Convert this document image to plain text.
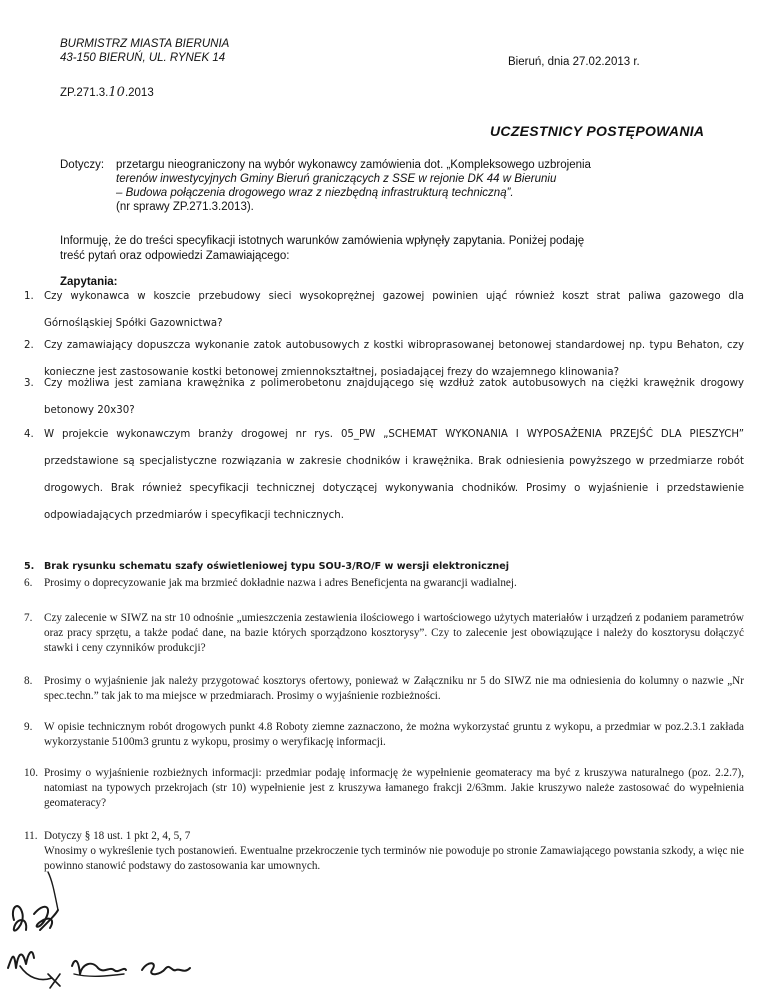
BURMISTRZ MIASTA BIERUNIA
43-150 BIERUŃ, UL. RYNEK 14	Bieruń, dnia 27.02.2013 r.
ZP.271.3.10.2013
UCZESTNICY POSTĘPOWANIA
Dotyczy: przetargu nieograniczony na wybór wykonawcy zamówienia dot. „Kompleksowego uzbrojenia
terenów inwestycyjnych Gminy Bieruń graniczących z SSE w rejonie DK 44 w Bieruniu
– Budowa połączenia drogowego wraz z niezbędną infrastrukturą techniczną”.
(nr sprawy ZP.271.3.2013).
Informuję, że do treści specyfikacji istotnych warunków zamówienia wpłynęły zapytania. Poniżej podaję
treść pytań oraz odpowiedzi Zamawiającego:
Zapytania:
1. Czy wykonawca w koszcie przebudowy sieci wysokoprężnej gazowej powinien ująć również koszt strat paliwa gazowego dla Górnośląskiej Spółki Gazownictwa?
2. Czy zamawiający dopuszcza wykonanie zatok autobusowych z kostki wibroprasowanej betonowej standardowej np. typu Behaton, czy konieczne jest zastosowanie kostki betonowej zmiennokształtnej, posiadającej frezy do wzajemnego klinowania?
3. Czy możliwa jest zamiana krawężnika z polimerobetonu znajdującego się wzdłuż zatok autobusowych na ciężki krawężnik drogowy betonowy 20x30?
4. W projekcie wykonawczym branży drogowej nr rys. 05_PW „SCHEMAT WYKONANIA I WYPOSAŻENIA PRZEJŚĆ DLA PIESZYCH” przedstawione są specjalistyczne rozwiązania w zakresie chodników i krawężnika. Brak odniesienia powyższego w przedmiarze robót drogowych. Brak również specyfikacji technicznej dotyczącej wykonywania chodników. Prosimy o wyjaśnienie i przedstawienie odpowiadających przedmiarów i specyfikacji technicznych.
5. Brak rysunku schematu szafy oświetleniowej typu SOU-3/RO/F w wersji elektronicznej
6. Prosimy o doprecyzowanie jak ma brzmieć dokładnie nazwa i adres Beneficjenta na gwarancji wadialnej.
7. Czy zalecenie w SIWZ na str 10 odnośnie „umieszczenia zestawienia ilościowego i wartościowego użytych materiałów i urządzeń z podaniem parametrów oraz pracy sprzętu, a także podać dane, na bazie których sporządzono kosztorysy”. Czy to zalecenie jest obowiązujące i należy do kosztorysu dołączyć stawki i ceny czynników produkcji?
8. Prosimy o wyjaśnienie jak należy przygotować kosztorys ofertowy, ponieważ w Załączniku nr 5 do SIWZ nie ma odniesienia do kolumny o nazwie „Nr spec.techn.” tak jak to ma miejsce w przedmiarach. Prosimy o wyjaśnienie rozbieżności.
9. W opisie technicznym robót drogowych punkt 4.8 Roboty ziemne zaznaczono, że można wykorzystać gruntu z wykopu, a przedmiar w poz.2.3.1 zakłada wykorzystanie 5100m3 gruntu z wykopu, prosimy o weryfikację informacji.
10. Prosimy o wyjaśnienie rozbieżnych informacji: przedmiar podaję informację że wypełnienie geomateracy ma być z kruszywa naturalnego (poz. 2.2.7), natomiast na typowych przekrojach (str 10) wypełnienie jest z kruszywa łamanego frakcji 2/63mm. Jakie kruszywo należe zastosować do wypełnienia geomateracy?
11. Dotyczy § 18 ust. 1 pkt 2, 4, 5, 7
Wnosimy o wykreślenie tych postanowień. Ewentualne przekroczenie tych terminów nie powoduje po stronie Zamawiającego powstania szkody, a więc nie powinno stanowić podstawy do zastosowania kar umownych.
